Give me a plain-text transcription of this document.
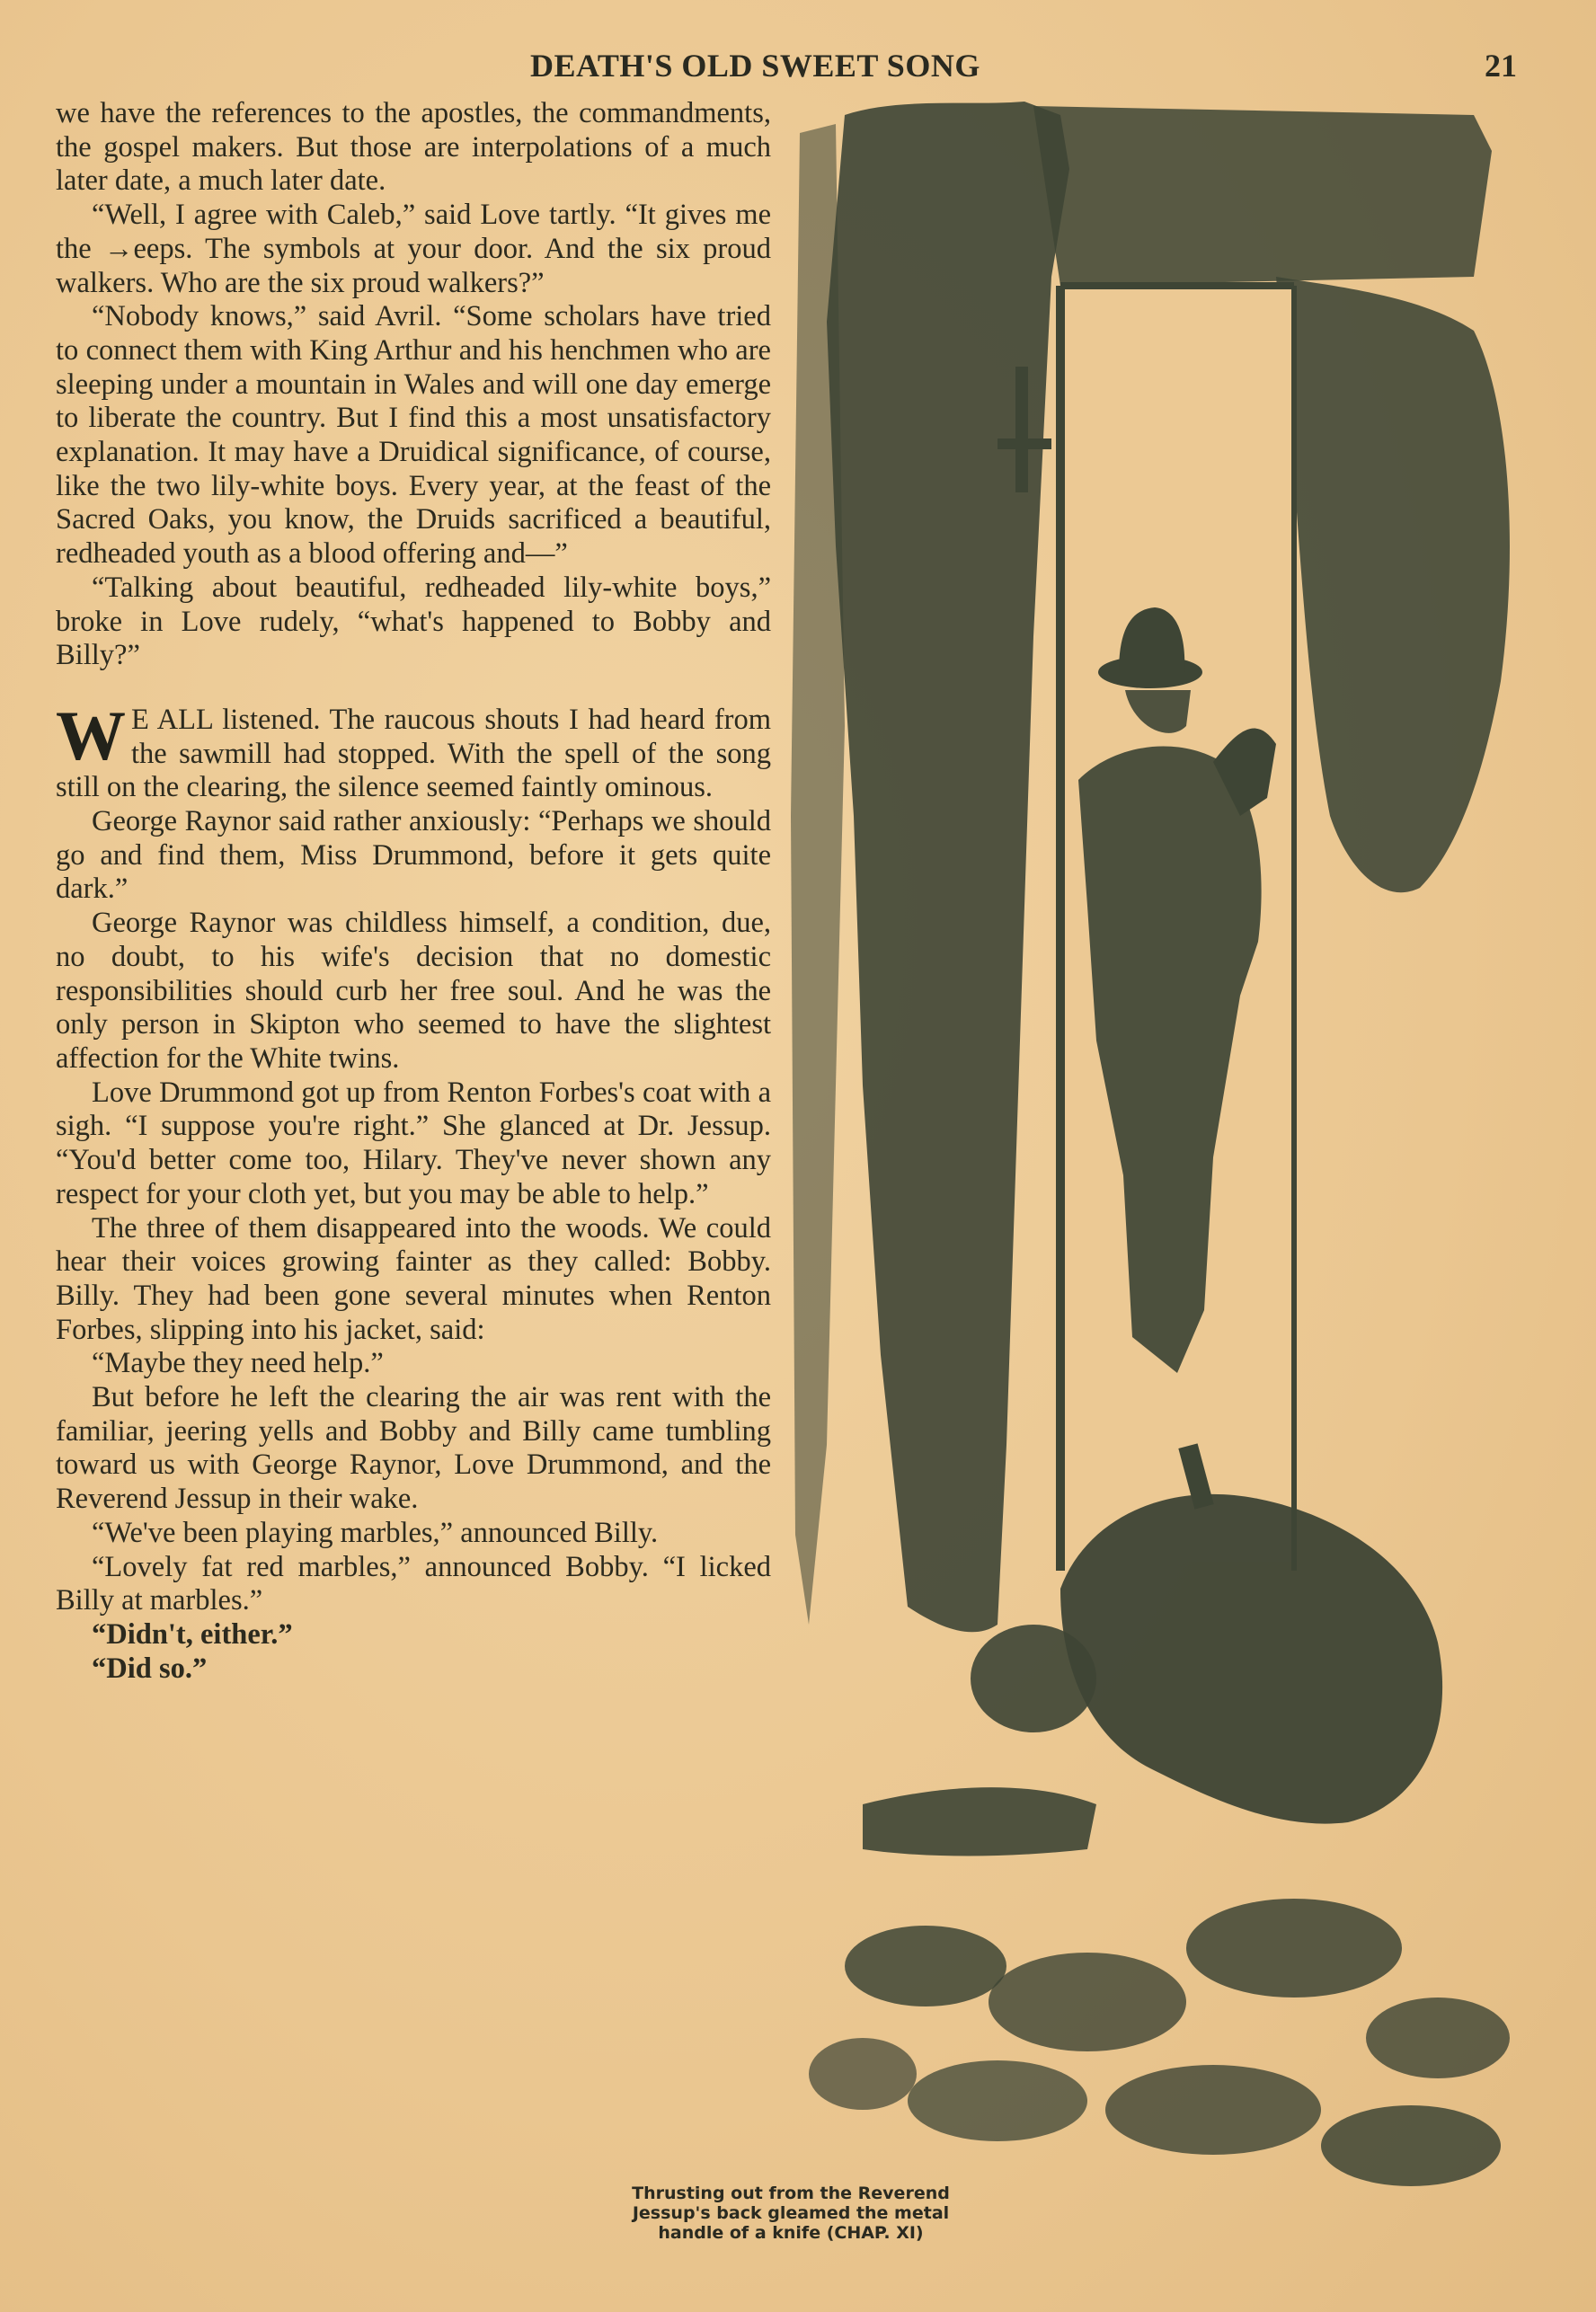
DEATH'S OLD SWEET SONG	21

we have the references to the apostles, the commandments, the gospel makers. But those are interpolations of a much later date, a much later date.

“Well, I agree with Caleb,” said Love tartly. “It gives me the →eeps. The symbols at your door. And the six proud walkers. Who are the six proud walkers?”

“Nobody knows,” said Avril. “Some scholars have tried to connect them with King Arthur and his henchmen who are sleeping under a mountain in Wales and will one day emerge to liberate the country. But I find this a most unsatisfactory explanation. It may have a Druidical significance, of course, like the two lily-white boys. Every year, at the feast of the Sacred Oaks, you know, the Druids sacrificed a beautiful, redheaded youth as a blood offering and—”

“Talking about beautiful, redheaded lily-white boys,” broke in Love rudely, “what's happened to Bobby and Billy?”

W E ALL listened. The raucous shouts I had heard from the sawmill had stopped. With the spell of the song still on the clearing, the silence seemed faintly ominous.

George Raynor said rather anxiously: “Perhaps we should go and find them, Miss Drummond, before it gets quite dark.”

George Raynor was childless himself, a condition, due, no doubt, to his wife's decision that no domestic responsibilities should curb her free soul. And he was the only person in Skipton who seemed to have the slightest affection for the White twins.

Love Drummond got up from Renton Forbes's coat with a sigh. “I suppose you're right.” She glanced at Dr. Jessup. “You'd better come too, Hilary. They've never shown any respect for your cloth yet, but you may be able to help.”

The three of them disappeared into the woods. We could hear their voices growing fainter as they called: Bobby. Billy. They had been gone several minutes when Renton Forbes, slipping into his jacket, said:

“Maybe they need help.”

But before he left the clearing the air was rent with the familiar, jeering yells and Bobby and Billy came tumbling toward us with George Raynor, Love Drummond, and the Reverend Jessup in their wake.

“We've been playing marbles,” announced Billy.

“Lovely fat red marbles,” announced Bobby. “I licked Billy at marbles.”

“Didn't, either.”

“Did so.”

Thrusting out from the Reverend
Jessup's back gleamed the metal
handle of a knife (CHAP. XI)
